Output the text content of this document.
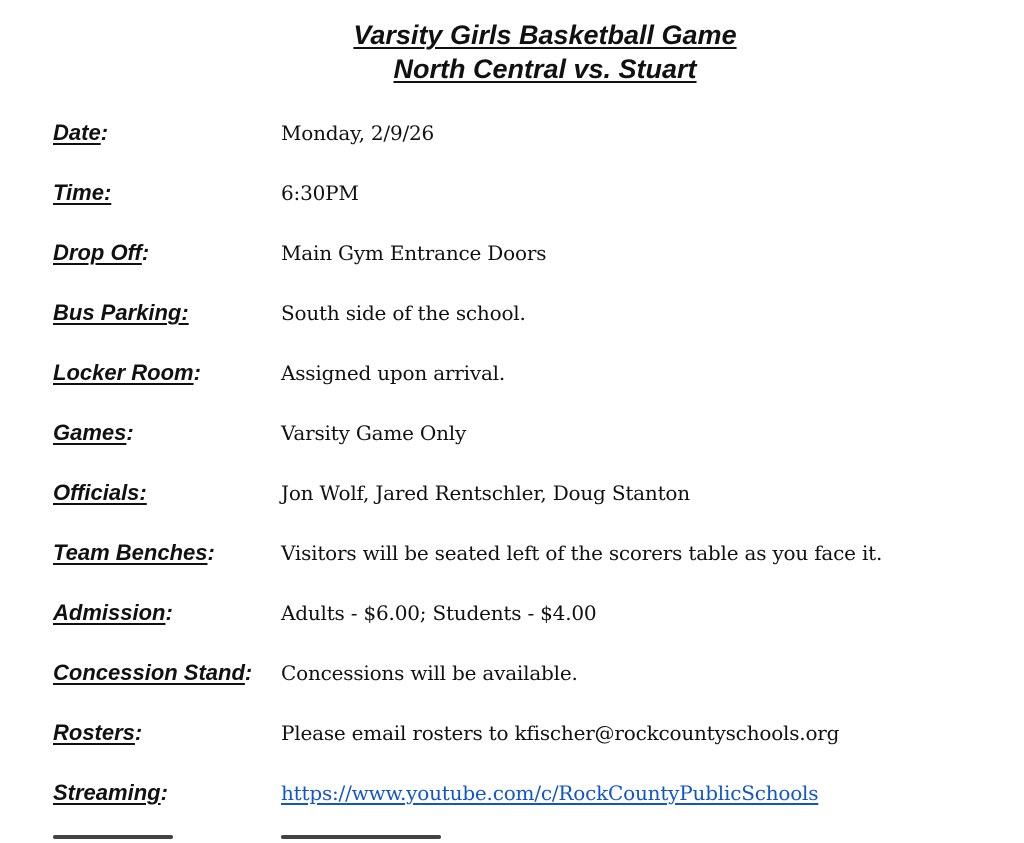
Varsity Girls Basketball Game
North Central vs. Stuart
Date:	Monday, 2/9/26
Time:	6:30PM
Drop Off:	Main Gym Entrance Doors
Bus Parking:	South side of the school.
Locker Room:	Assigned upon arrival.
Games:	Varsity Game Only
Officials:	Jon Wolf, Jared Rentschler, Doug Stanton
Team Benches:	Visitors will be seated left of the scorers table as you face it.
Admission:	Adults - $6.00; Students - $4.00
Concession Stand:	Concessions will be available.
Rosters:	Please email rosters to kfischer@rockcountyschools.org
Streaming:	https://www.youtube.com/c/RockCountyPublicSchools
